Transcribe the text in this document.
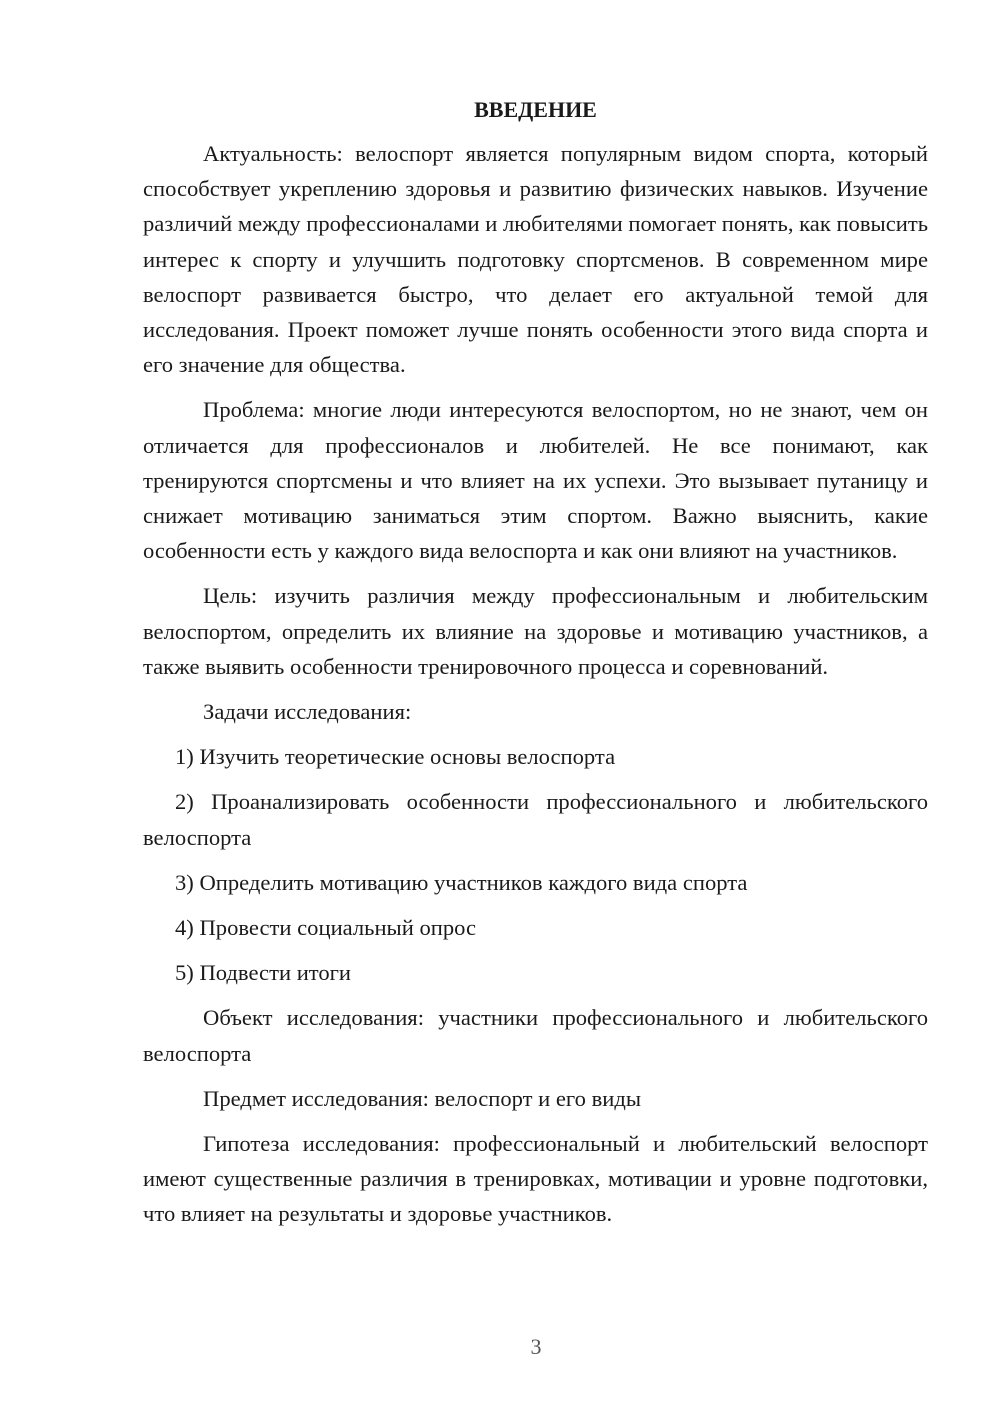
ВВЕДЕНИЕ

Актуальность: велоспорт является популярным видом спорта, который способствует укреплению здоровья и развитию физических навыков. Изучение различий между профессионалами и любителями помогает понять, как повысить интерес к спорту и улучшить подготовку спортсменов. В современном мире велоспорт развивается быстро, что делает его актуальной темой для исследования. Проект поможет лучше понять особенности этого вида спорта и его значение для общества.

Проблема: многие люди интересуются велоспортом, но не знают, чем он отличается для профессионалов и любителей. Не все понимают, как тренируются спортсмены и что влияет на их успехи. Это вызывает путаницу и снижает мотивацию заниматься этим спортом. Важно выяснить, какие особенности есть у каждого вида велоспорта и как они влияют на участников.

Цель: изучить различия между профессиональным и любительским велоспортом, определить их влияние на здоровье и мотивацию участников, а также выявить особенности тренировочного процесса и соревнований.

Задачи исследования:

1) Изучить теоретические основы велоспорта

2) Проанализировать особенности профессионального и любительского велоспорта

3) Определить мотивацию участников каждого вида спорта

4) Провести социальный опрос

5) Подвести итоги

Объект исследования: участники профессионального и любительского велоспорта

Предмет исследования: велоспорт и его виды

Гипотеза исследования: профессиональный и любительский велоспорт имеют существенные различия в тренировках, мотивации и уровне подготовки, что влияет на результаты и здоровье участников.

3
